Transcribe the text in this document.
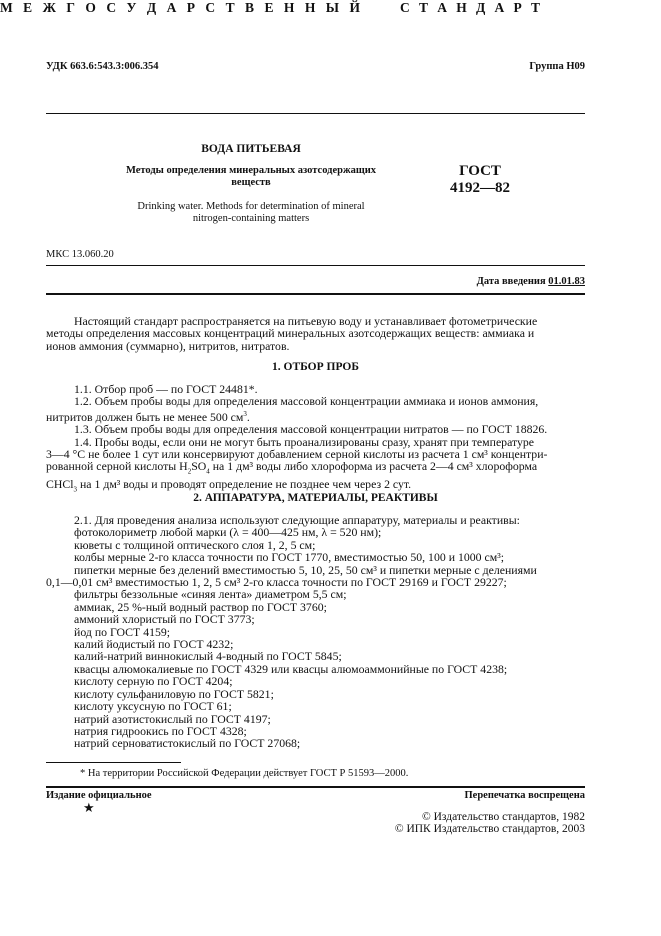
УДК 663.6:543.3:006.354	Группа Н09
М Е Ж Г О С У Д А Р С Т В Е Н Н Ы Й	С Т А Н Д А Р Т
ВОДА ПИТЬЕВАЯ
Методы определения минеральных азотсодержащих
веществ
Drinking water. Methods for determination of mineral
nitrogen-containing matters
ГОСТ
4192—82
МКС 13.060.20
Дата введения 01.01.83
Настоящий стандарт распространяется на питьевую воду и устанавливает фотометрические
методы определения массовых концентраций минеральных азотсодержащих веществ: аммиака и
ионов аммония (суммарно), нитритов, нитратов.
1. ОТБОР ПРОБ
1.1. Отбор проб — по ГОСТ 24481*.
1.2. Объем пробы воды для определения массовой концентрации аммиака и ионов аммония,
нитритов должен быть не менее 500 $см^3$.
1.3. Объем пробы воды для определения массовой концентрации нитратов — по ГОСТ 18826.
1.4. Пробы воды, если они не могут быть проанализированы сразу, хранят при температуре
3—4 °С не более 1 сут или консервируют добавлением серной кислоты из расчета 1 см³ концентри-
рованной серной кислоты $H_2SO_4$ на 1 дм³ воды либо хлороформа из расчета 2—4 см³ хлороформа
CHCl$_3$ на 1 дм³ воды и проводят определение не позднее чем через 2 сут.
2. АППАРАТУРА, МАТЕРИАЛЫ, РЕАКТИВЫ
2.1. Для проведения анализа используют следующие аппаратуру, материалы и реактивы:
фотоколориметр любой марки (λ = 400—425 нм, λ = 520 нм);
кюветы с толщиной оптического слоя 1, 2, 5 см;
колбы мерные 2-го класса точности по ГОСТ 1770, вместимостью 50, 100 и 1000 см³;
пипетки мерные без делений вместимостью 5, 10, 25, 50 см³ и пипетки мерные с делениями
0,1—0,01 см³ вместимостью 1, 2, 5 см³ 2-го класса точности по ГОСТ 29169 и ГОСТ 29227;
фильтры беззольные «синяя лента» диаметром 5,5 см;
аммиак, 25 %-ный водный раствор по ГОСТ 3760;
аммоний хлористый по ГОСТ 3773;
йод по ГОСТ 4159;
калий йодистый по ГОСТ 4232;
калий-натрий виннокислый 4-водный по ГОСТ 5845;
квасцы алюмокалиевые по ГОСТ 4329 или квасцы алюмоаммонийные по ГОСТ 4238;
кислоту серную по ГОСТ 4204;
кислоту сульфаниловую по ГОСТ 5821;
кислоту уксусную по ГОСТ 61;
натрий азотистокислый по ГОСТ 4197;
натрия гидроокись по ГОСТ 4328;
натрий серноватистокислый по ГОСТ 27068;
* На территории Российской Федерации действует ГОСТ Р 51593—2000.
Издание официальное	Перепечатка воспрещена
★
© Издательство стандартов, 1982
© ИПК Издательство стандартов, 2003
